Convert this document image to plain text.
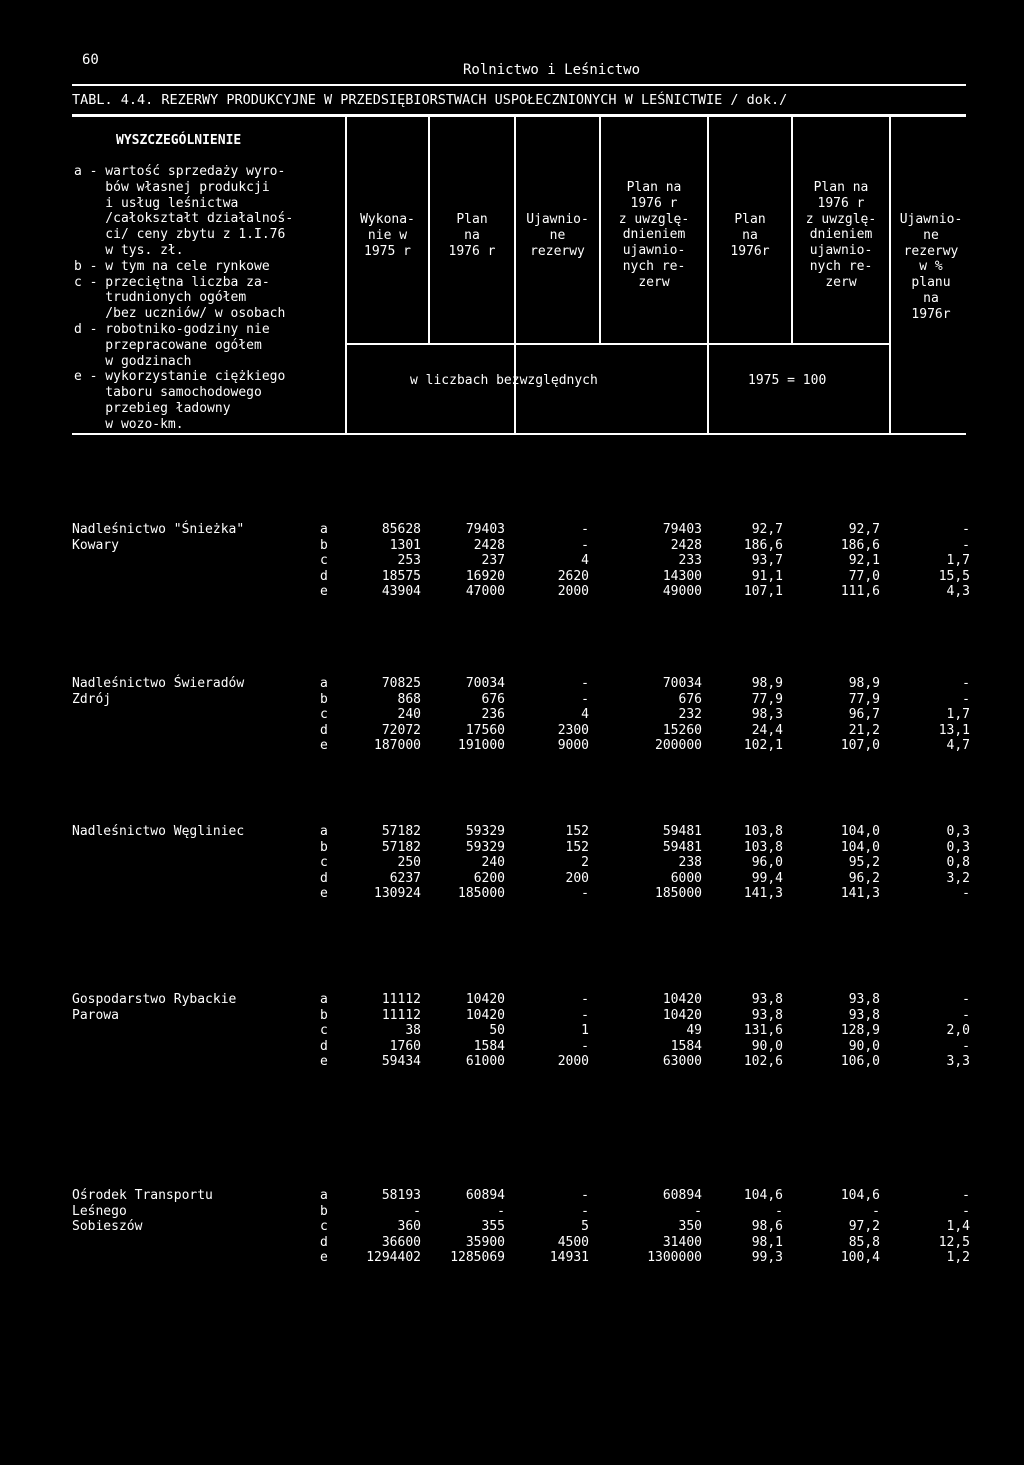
60
Rolnictwo i Leśnictwo
TABL. 4.4. REZERWY PRODUKCYJNE W PRZEDSIĘBIORSTWACH USPOŁECZNIONYCH W LEŚNICTWIE / dok./
WYSZCZEGÓLNIENIE
a - wartość sprzedaży wyro-
bów własnej produkcji
i usług leśnictwa
/całokształt działalnoś-
ci/ ceny zbytu z 1.I.76
w tys. zł.
b - w tym na cele rynkowe
c - przeciętna liczba za-
trudnionych ogółem
/bez uczniów/ w osobach
d - robotniko-godziny nie
przepracowane ogółem
w godzinach
e - wykorzystanie ciężkiego
taboru samochodowego
przebieg ładowny
w wozo-km.
Wykona-
nie w
1975 r
Plan
na
1976 r
Ujawnio-
ne
rezerwy
Plan na
1976 r
z uwzglę-
dnieniem
ujawnio-
nych re-
zerw
Plan
na
1976r
Plan na
1976 r
z uwzglę-
dnieniem
ujawnio-
nych re-
zerw
Ujawnio-
ne
rezerwy
w %
planu
na
1976r
w liczbach bezwzględnych	1975 = 100
Nadleśnictwo "Śnieżka"
Kowary
a
b
c
d
e
85628
1301
253
18575
43904
79403
2428
237
16920
47000
-
-
4
2620
2000
79403
2428
233
14300
49000
92,7
186,6
93,7
91,1
107,1
92,7
186,6
92,1
77,0
111,6
-
-
1,7
15,5
4,3
Nadleśnictwo Świeradów
Zdrój
a
b
c
d
e
70825
868
240
72072
187000
70034
676
236
17560
191000
-
-
4
2300
9000
70034
676
232
15260
200000
98,9
77,9
98,3
24,4
102,1
98,9
77,9
96,7
21,2
107,0
-
-
1,7
13,1
4,7
Nadleśnictwo Węgliniec	a
b
c
d
e
57182
57182
250
6237
130924
59329
59329
240
6200
185000
152
152
2
200
-
59481
59481
238
6000
185000
103,8
103,8
96,0
99,4
141,3
104,0
104,0
95,2
96,2
141,3
0,3
0,3
0,8
3,2
-
Gospodarstwo Rybackie
Parowa
a
b
c
d
e
11112
11112
38
1760
59434
10420
10420
50
1584
61000
-
-
1
-
2000
10420
10420
49
1584
63000
93,8
93,8
131,6
90,0
102,6
93,8
93,8
128,9
90,0
106,0
-
-
2,0
-
3,3
Ośrodek Transportu
Leśnego
Sobieszów
a
b
c
d
e
58193
-
360
36600
1294402
60894
-
355
35900
1285069
-
-
5
4500
14931
60894
-
350
31400
1300000
104,6
-
98,6
98,1
99,3
104,6
-
97,2
85,8
100,4
-
-
1,4
12,5
1,2
